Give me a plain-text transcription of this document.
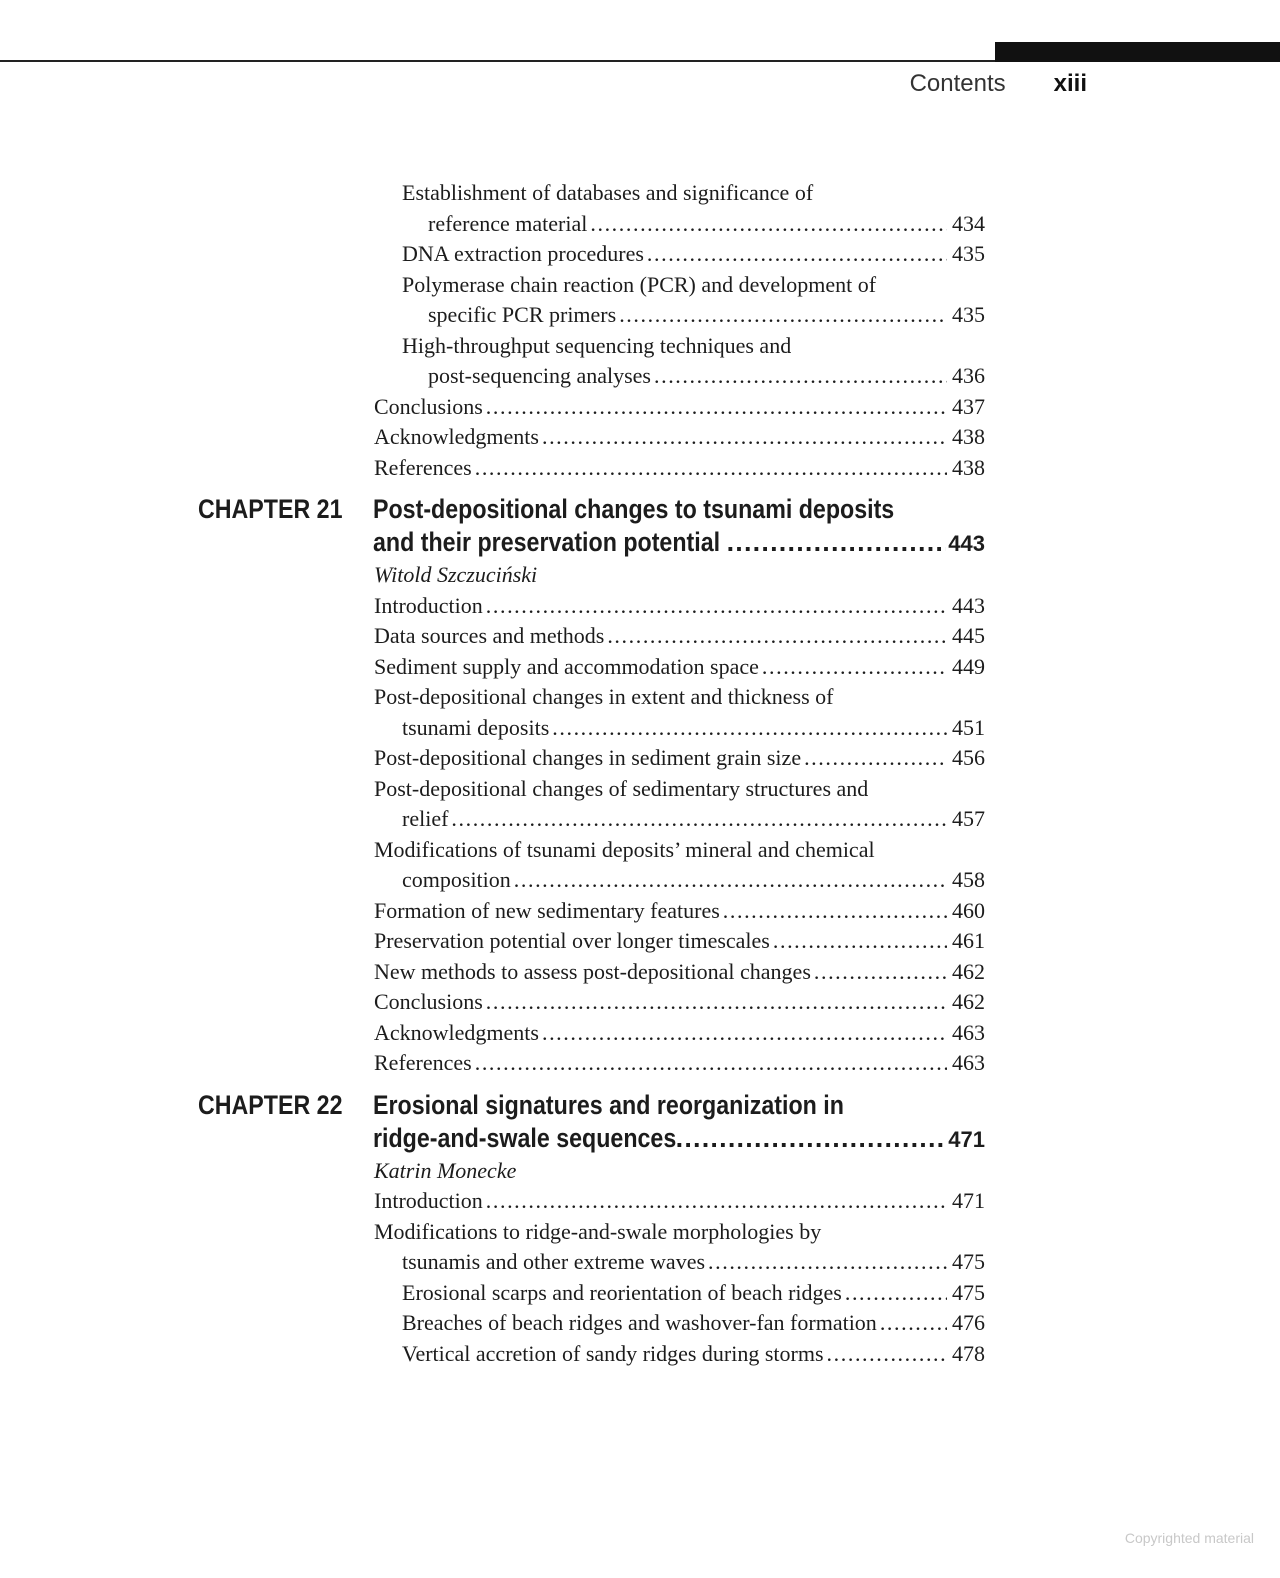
Contents xiii
Establishment of databases and significance of
reference material .....	434
DNA extraction procedures .....	435
Polymerase chain reaction (PCR) and development of
specific PCR primers .....	435
High-throughput sequencing techniques and
post-sequencing analyses .....	436
Conclusions .....	437
Acknowledgments .....	438
References .....	438
CHAPTER 21 Post-depositional changes to tsunami deposits
and their preservation potential .....	443
Witold Szczuciński
Introduction .....	443
Data sources and methods .....	445
Sediment supply and accommodation space .....	449
Post-depositional changes in extent and thickness of
tsunami deposits .....	451
Post-depositional changes in sediment grain size .....	456
Post-depositional changes of sedimentary structures and
relief .....	457
Modifications of tsunami deposits’ mineral and chemical
composition .....	458
Formation of new sedimentary features .....	460
Preservation potential over longer timescales .....	461
New methods to assess post-depositional changes .....	462
Conclusions .....	462
Acknowledgments .....	463
References .....	463
CHAPTER 22 Erosional signatures and reorganization in
ridge-and-swale sequences .....	471
Katrin Monecke
Introduction .....	471
Modifications to ridge-and-swale morphologies by
tsunamis and other extreme waves .....	475
Erosional scarps and reorientation of beach ridges .....	475
Breaches of beach ridges and washover-fan formation .....	476
Vertical accretion of sandy ridges during storms .....	478
Copyrighted material
